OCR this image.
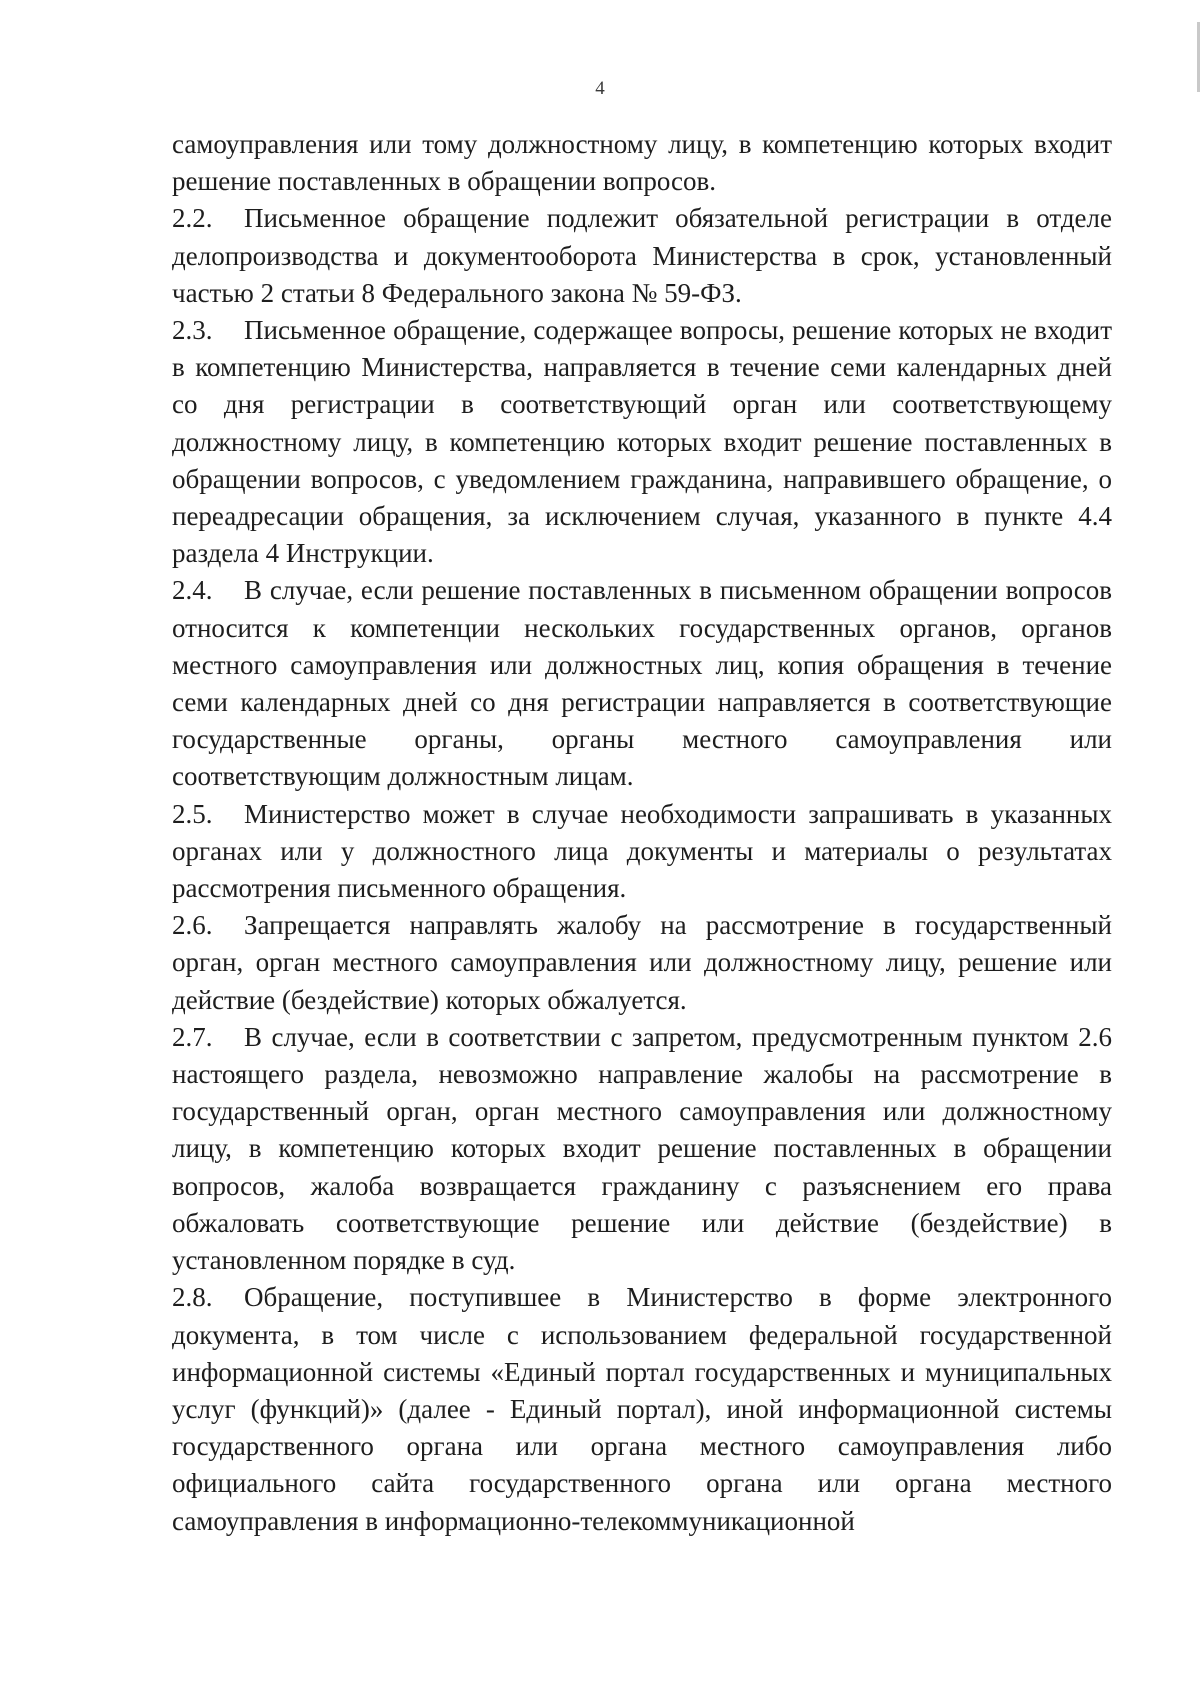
4

самоуправления или тому должностному лицу, в компетенцию которых входит решение поставленных в обращении вопросов.

2.2. Письменное обращение подлежит обязательной регистрации в отделе делопроизводства и документооборота Министерства в срок, установленный частью 2 статьи 8 Федерального закона № 59-ФЗ.

2.3. Письменное обращение, содержащее вопросы, решение которых не входит в компетенцию Министерства, направляется в течение семи календарных дней со дня регистрации в соответствующий орган или соответствующему должностному лицу, в компетенцию которых входит решение поставленных в обращении вопросов, с уведомлением гражданина, направившего обращение, о переадресации обращения, за исключением случая, указанного в пункте 4.4 раздела 4 Инструкции.

2.4. В случае, если решение поставленных в письменном обращении вопросов относится к компетенции нескольких государственных органов, органов местного самоуправления или должностных лиц, копия обращения в течение семи календарных дней со дня регистрации направляется в соответствующие государственные органы, органы местного самоуправления или соответствующим должностным лицам.

2.5. Министерство может в случае необходимости запрашивать в указанных органах или у должностного лица документы и материалы о результатах рассмотрения письменного обращения.

2.6. Запрещается направлять жалобу на рассмотрение в государственный орган, орган местного самоуправления или должностному лицу, решение или действие (бездействие) которых обжалуется.

2.7. В случае, если в соответствии с запретом, предусмотренным пунктом 2.6 настоящего раздела, невозможно направление жалобы на рассмотрение в государственный орган, орган местного самоуправления или должностному лицу, в компетенцию которых входит решение поставленных в обращении вопросов, жалоба возвращается гражданину с разъяснением его права обжаловать соответствующие решение или действие (бездействие) в установленном порядке в суд.

2.8. Обращение, поступившее в Министерство в форме электронного документа, в том числе с использованием федеральной государственной информационной системы «Единый портал государственных и муниципальных услуг (функций)» (далее - Единый портал), иной информационной системы государственного органа или органа местного самоуправления либо официального сайта государственного органа или органа местного самоуправления в информационно-телекоммуникационной
